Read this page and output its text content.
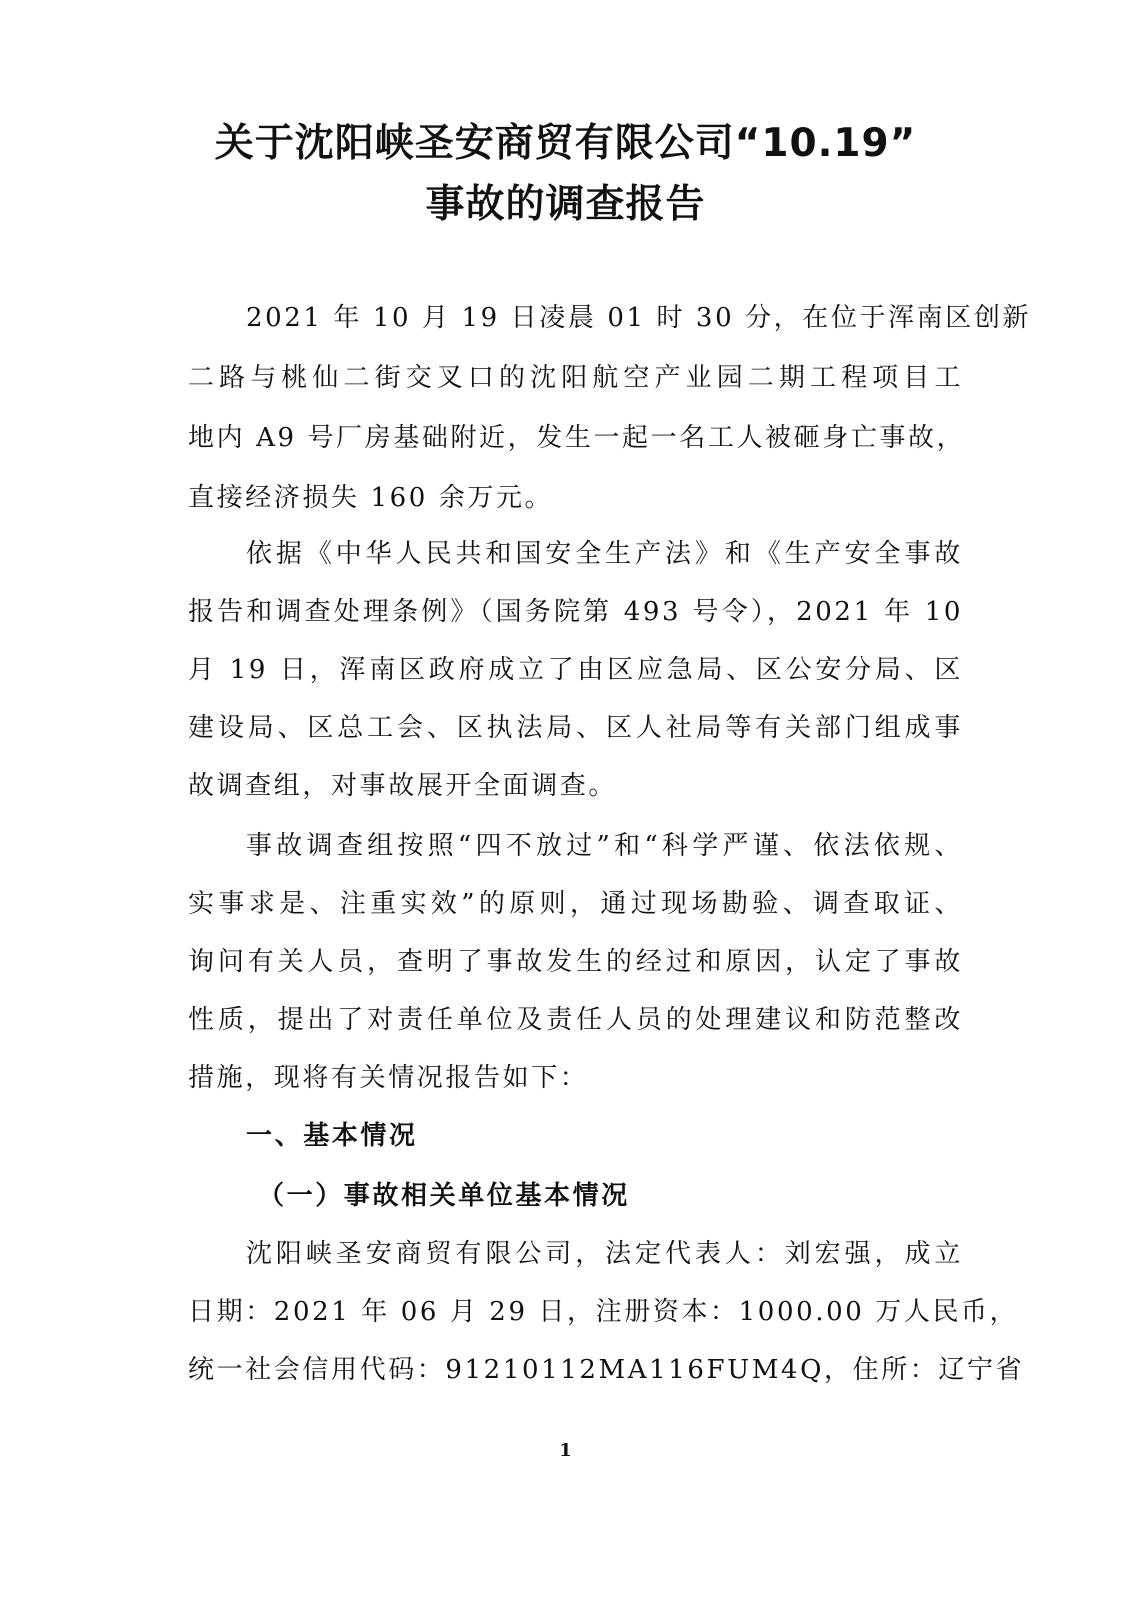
关于沈阳峡圣安商贸有限公司“10.19”
事故的调查报告

2021 年 10 月 19 日凌晨 01 时 30 分，在位于浑南区创新

二路与桃仙二街交叉口的沈阳航空产业园二期工程项目工

地内 A9 号厂房基础附近，发生一起一名工人被砸身亡事故，

直接经济损失 160 余万元。

依据《中华人民共和国安全生产法》和《生产安全事故

报告和调查处理条例》（国务院第 493 号令），2021 年 10

月 19 日，浑南区政府成立了由区应急局、区公安分局、区

建设局、区总工会、区执法局、区人社局等有关部门组成事

故调查组，对事故展开全面调查。

事故调查组按照“四不放过”和“科学严谨、依法依规、

实事求是、注重实效”的原则，通过现场勘验、调查取证、

询问有关人员，查明了事故发生的经过和原因，认定了事故

性质，提出了对责任单位及责任人员的处理建议和防范整改

措施，现将有关情况报告如下：

一、基本情况

（一）事故相关单位基本情况

沈阳峡圣安商贸有限公司，法定代表人：刘宏强，成立

日期：2021 年 06 月 29 日，注册资本：1000.00 万人民币，

统一社会信用代码：91210112MA116FUM4Q，住所：辽宁省

1
